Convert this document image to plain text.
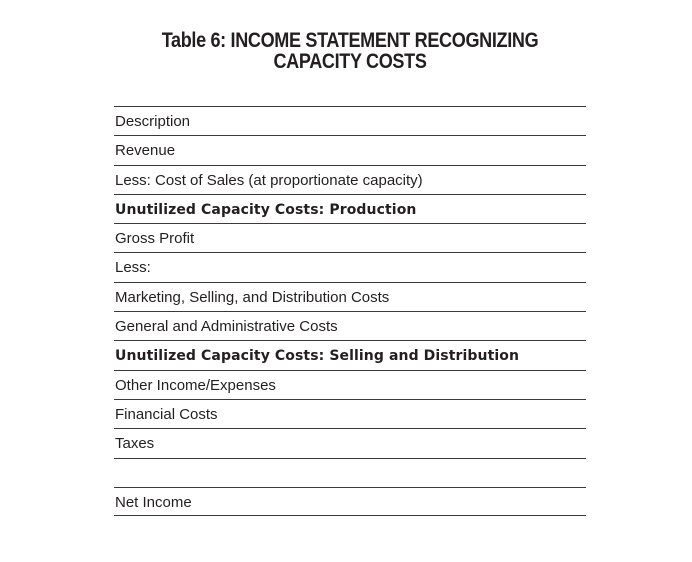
Table 6: INCOME STATEMENT RECOGNIZING
CAPACITY COSTS
Description
Revenue
Less: Cost of Sales (at proportionate capacity)
Unutilized Capacity Costs: Production
Gross Profit
Less:
Marketing, Selling, and Distribution Costs
General and Administrative Costs
Unutilized Capacity Costs: Selling and Distribution
Other Income/Expenses
Financial Costs
Taxes
Net Income
